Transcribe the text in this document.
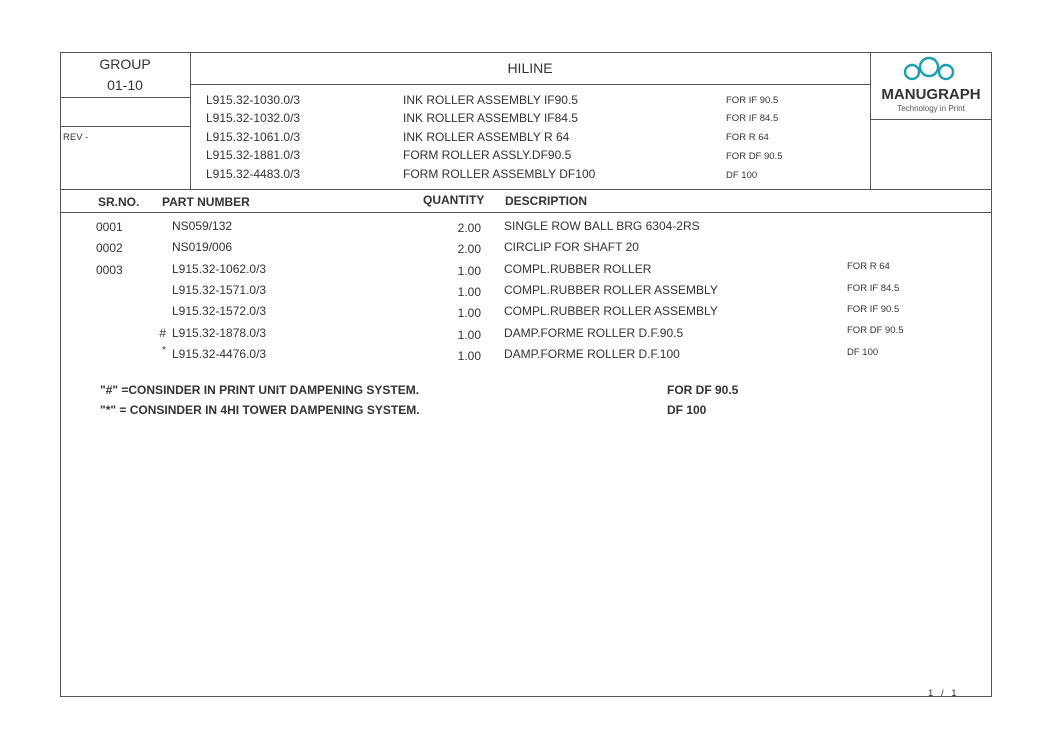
GROUP
01-10
REV -
HILINE
L915.32-1030.0/3	INK ROLLER ASSEMBLY IF90.5	FOR IF 90.5
L915.32-1032.0/3	INK ROLLER ASSEMBLY IF84.5	FOR IF 84.5
L915.32-1061.0/3	INK ROLLER ASSEMBLY R 64	FOR R 64
L915.32-1881.0/3	FORM ROLLER ASSLY.DF90.5	FOR DF 90.5
L915.32-4483.0/3	FORM ROLLER ASSEMBLY DF100	DF 100
MANUGRAPH
Technology in Print
SR.NO. PART NUMBER	QUANTITY DESCRIPTION
0001	NS059/132	2.00 SINGLE ROW BALL BRG 6304-2RS
0002	NS019/006	2.00 CIRCLIP FOR SHAFT 20
0003	L915.32-1062.0/3	1.00 COMPL.RUBBER ROLLER	FOR R 64
L915.32-1571.0/3	1.00 COMPL.RUBBER ROLLER ASSEMBLY	FOR IF 84.5
L915.32-1572.0/3	1.00 COMPL.RUBBER ROLLER ASSEMBLY	FOR IF 90.5
# L915.32-1878.0/3	1.00 DAMP.FORME ROLLER D.F.90.5	FOR DF 90.5
* L915.32-4476.0/3	1.00 DAMP.FORME ROLLER D.F.100	DF 100
"#" =CONSINDER IN PRINT UNIT DAMPENING SYSTEM.	FOR DF 90.5
"*" = CONSINDER IN 4HI TOWER DAMPENING SYSTEM.	DF 100
1 / 1
